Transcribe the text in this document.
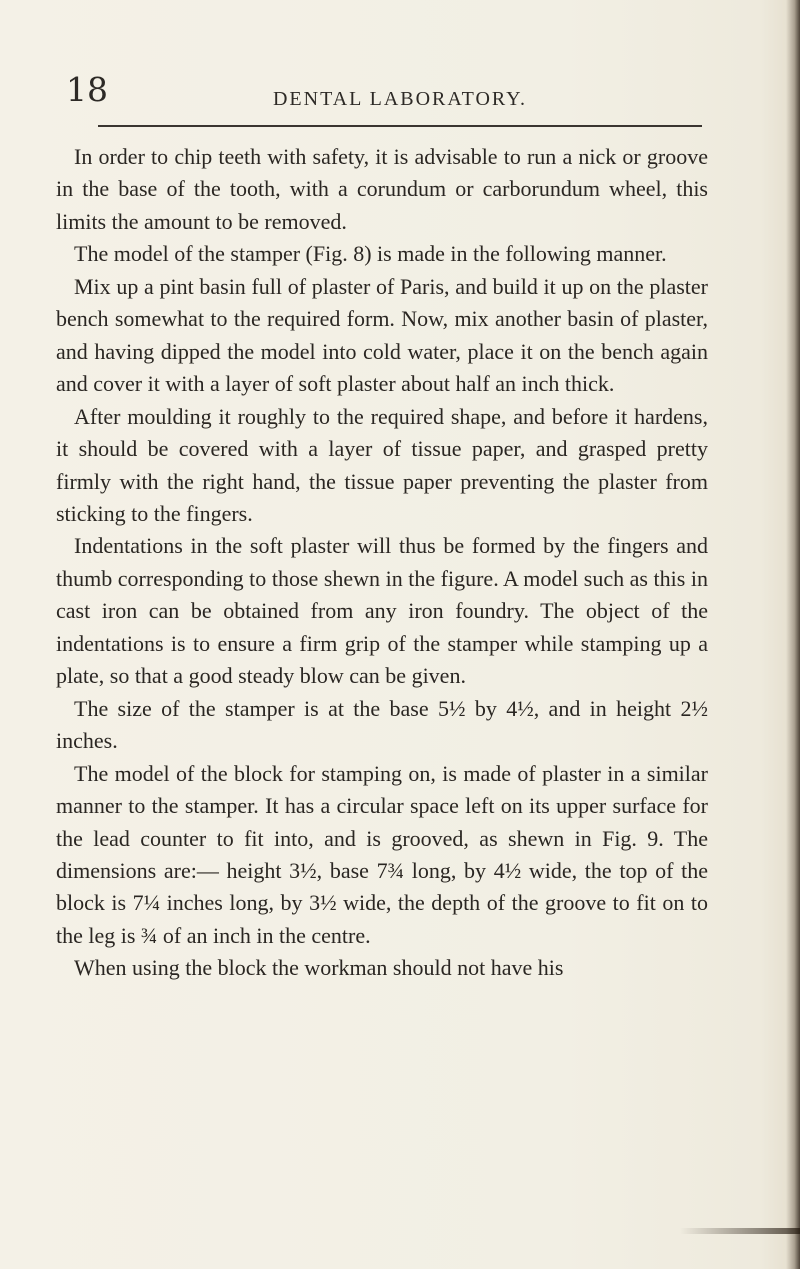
18	DENTAL LABORATORY.

In order to chip teeth with safety, it is advisable to run a nick or groove in the base of the tooth, with a corundum or carborundum wheel, this limits the amount to be removed.

The model of the stamper (Fig. 8) is made in the following manner.

Mix up a pint basin full of plaster of Paris, and build it up on the plaster bench somewhat to the required form. Now, mix another basin of plaster, and having dipped the model into cold water, place it on the bench again and cover it with a layer of soft plaster about half an inch thick.

After moulding it roughly to the required shape, and before it hardens, it should be covered with a layer of tissue paper, and grasped pretty firmly with the right hand, the tissue paper preventing the plaster from sticking to the fingers.

Indentations in the soft plaster will thus be formed by the fingers and thumb corresponding to those shewn in the figure. A model such as this in cast iron can be obtained from any iron foundry. The object of the indentations is to ensure a firm grip of the stamper while stamping up a plate, so that a good steady blow can be given.

The size of the stamper is at the base 5½ by 4½, and in height 2½ inches.

The model of the block for stamping on, is made of plaster in a similar manner to the stamper. It has a circular space left on its upper surface for the lead counter to fit into, and is grooved, as shewn in Fig. 9. The dimensions are:— height 3½, base 7¾ long, by 4½ wide, the top of the block is 7¼ inches long, by 3½ wide, the depth of the groove to fit on to the leg is ¾ of an inch in the centre.

When using the block the workman should not have his
